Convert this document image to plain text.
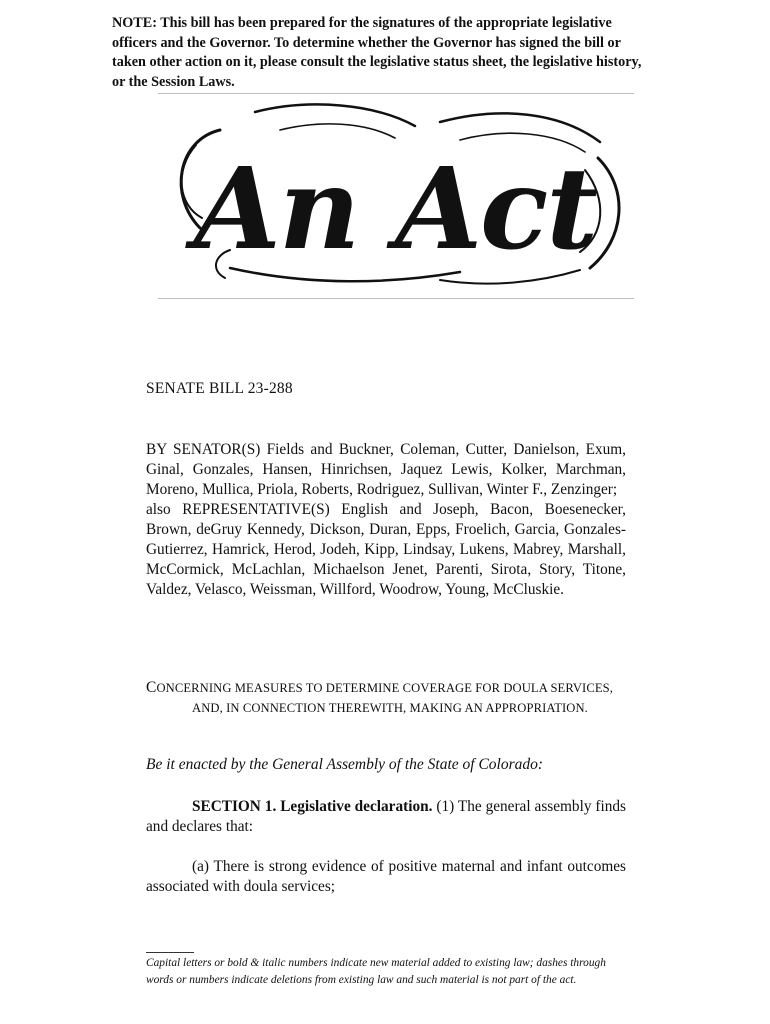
NOTE: This bill has been prepared for the signatures of the appropriate legislative officers and the Governor. To determine whether the Governor has signed the bill or taken other action on it, please consult the legislative status sheet, the legislative history, or the Session Laws.
An Act
SENATE BILL 23-288

BY SENATOR(S) Fields and Buckner, Coleman, Cutter, Danielson, Exum, Ginal, Gonzales, Hansen, Hinrichsen, Jaquez Lewis, Kolker, Marchman, Moreno, Mullica, Priola, Roberts, Rodriguez, Sullivan, Winter F., Zenzinger;

also REPRESENTATIVE(S) English and Joseph, Bacon, Boesenecker, Brown, deGruy Kennedy, Dickson, Duran, Epps, Froelich, Garcia, Gonzales-Gutierrez, Hamrick, Herod, Jodeh, Kipp, Lindsay, Lukens, Mabrey, Marshall, McCormick, McLachlan, Michaelson Jenet, Parenti, Sirota, Story, Titone, Valdez, Velasco, Weissman, Willford, Woodrow, Young, McCluskie.

CONCERNING MEASURES TO DETERMINE COVERAGE FOR DOULA SERVICES,
AND, IN CONNECTION THEREWITH, MAKING AN APPROPRIATION.
Be it enacted by the General Assembly of the State of Colorado:
SECTION 1. Legislative declaration. (1) The general assembly finds and declares that:
(a) There is strong evidence of positive maternal and infant outcomes associated with doula services;
Capital letters or bold & italic numbers indicate new material added to existing law; dashes through words or numbers indicate deletions from existing law and such material is not part of the act.
